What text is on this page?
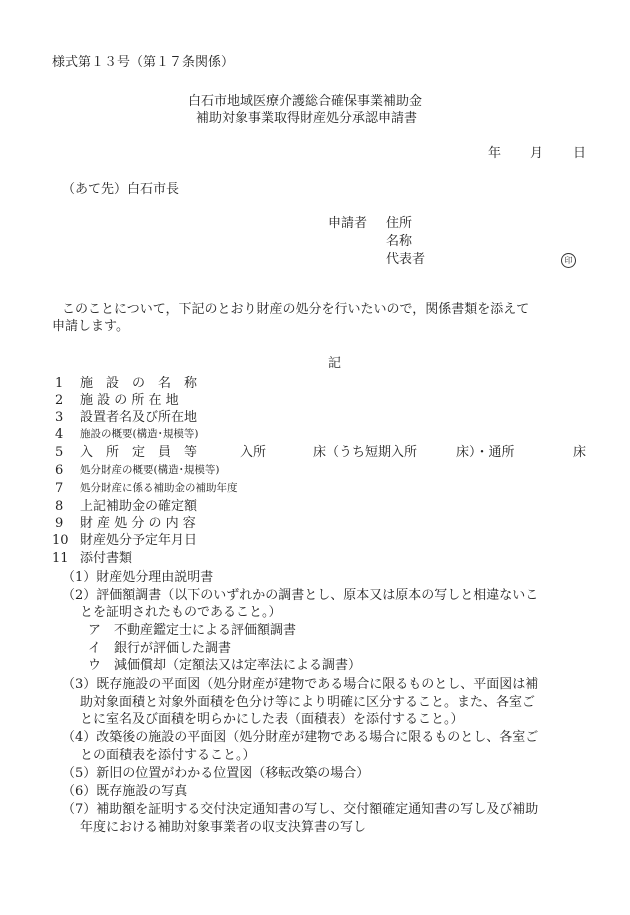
様式第１３号（第１７条関係）
白石市地域医療介護総合確保事業補助金
補助対象事業取得財産処分承認申請書
年 月 日
（あて先）白石市長
申請者 住所
名称
代表者	印
このことについて，下記のとおり財産の処分を行いたいので，関係書類を添えて
申請します。
記
1 施　設　の　名　称
2 施 設 の 所 在 地
3 設置者名及び所在地
4 施設の概要(構造･規模等)
5 入　所　定　員　等	入所	床（うち短期入所	床）・通所	床
6 処分財産の概要(構造･規模等)
7 処分財産に係る補助金の補助年度
8 上記補助金の確定額
9 財 産 処 分 の 内 容
10 財産処分予定年月日
11 添付書類
（1）財産処分理由説明書
（2）評価額調書（以下のいずれかの調書とし、原本又は原本の写しと相違ないこ
とを証明されたものであること。）
ア　不動産鑑定士による評価額調書
イ　銀行が評価した調書
ウ　減価償却（定額法又は定率法による調書）
（3）既存施設の平面図（処分財産が建物である場合に限るものとし、平面図は補
助対象面積と対象外面積を色分け等により明確に区分すること。また、各室ご
とに室名及び面積を明らかにした表（面積表）を添付すること。）
（4）改築後の施設の平面図（処分財産が建物である場合に限るものとし、各室ご
との面積表を添付すること。）
（5）新旧の位置がわかる位置図（移転改築の場合）
（6）既存施設の写真
（7）補助額を証明する交付決定通知書の写し、交付額確定通知書の写し及び補助
年度における補助対象事業者の収支決算書の写し
